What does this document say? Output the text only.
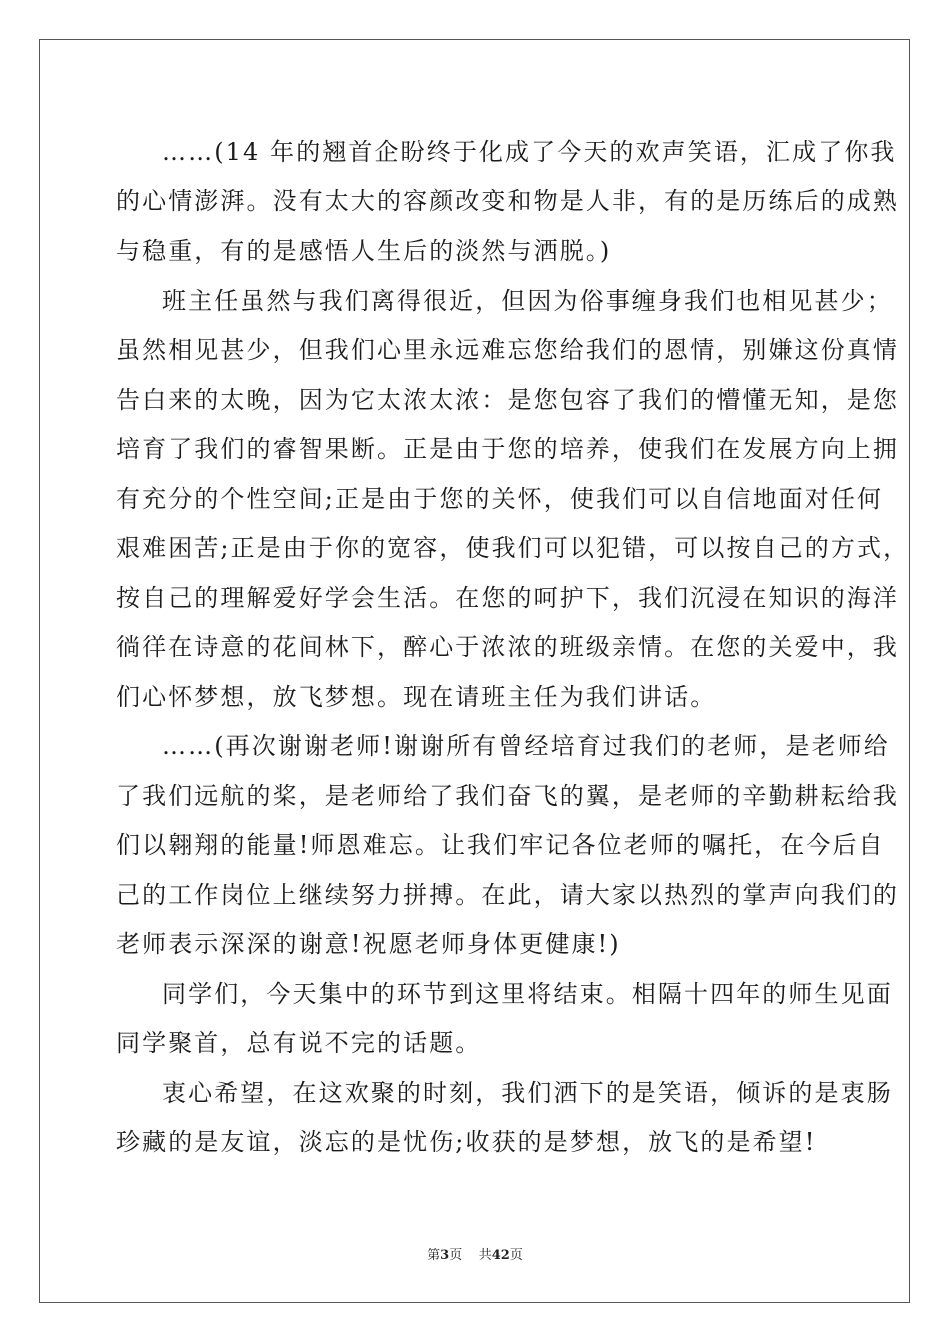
……(14 年的翘首企盼终于化成了今天的欢声笑语，汇成了你我
的心情澎湃。没有太大的容颜改变和物是人非，有的是历练后的成熟
与稳重，有的是感悟人生后的淡然与洒脱。)
班主任虽然与我们离得很近，但因为俗事缠身我们也相见甚少；
虽然相见甚少，但我们心里永远难忘您给我们的恩情，别嫌这份真情
告白来的太晚，因为它太浓太浓：是您包容了我们的懵懂无知，是您
培育了我们的睿智果断。正是由于您的培养，使我们在发展方向上拥
有充分的个性空间;正是由于您的关怀，使我们可以自信地面对任何
艰难困苦;正是由于你的宽容，使我们可以犯错，可以按自己的方式，
按自己的理解爱好学会生活。在您的呵护下，我们沉浸在知识的海洋
徜徉在诗意的花间林下，醉心于浓浓的班级亲情。在您的关爱中，我
们心怀梦想，放飞梦想。现在请班主任为我们讲话。
……(再次谢谢老师!谢谢所有曾经培育过我们的老师，是老师给
了我们远航的桨，是老师给了我们奋飞的翼，是老师的辛勤耕耘给我
们以翱翔的能量!师恩难忘。让我们牢记各位老师的嘱托，在今后自
己的工作岗位上继续努力拼搏。在此，请大家以热烈的掌声向我们的
老师表示深深的谢意!祝愿老师身体更健康!)
同学们，今天集中的环节到这里将结束。相隔十四年的师生见面
同学聚首，总有说不完的话题。
衷心希望，在这欢聚的时刻，我们洒下的是笑语，倾诉的是衷肠
珍藏的是友谊，淡忘的是忧伤;收获的是梦想，放飞的是希望!
第3页 共42页
